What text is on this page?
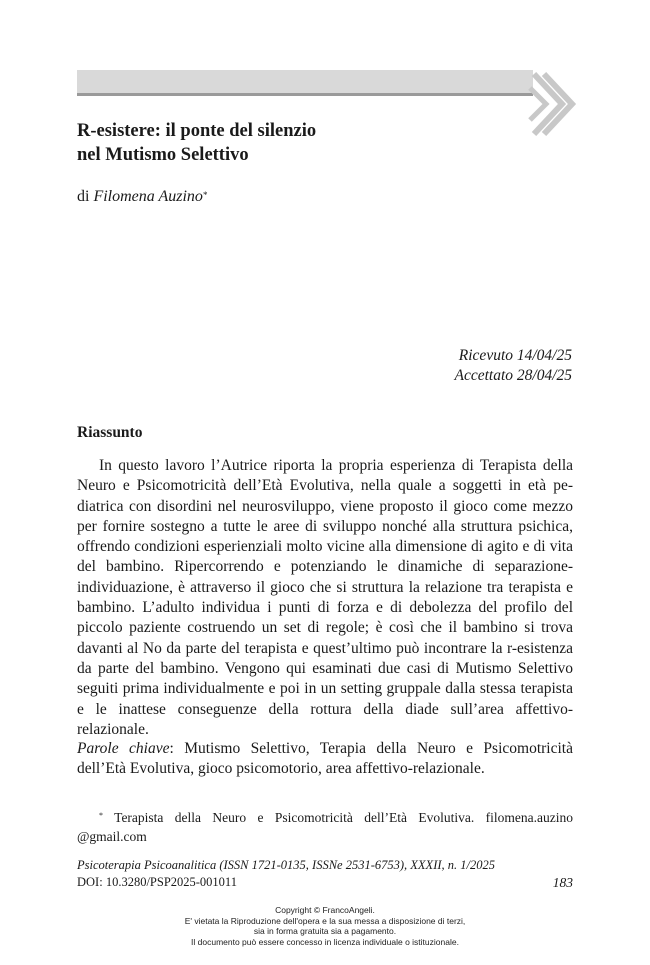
R-esistere: il ponte del silenzio
nel Mutismo Selettivo
di Filomena Auzino*
Ricevuto 14/04/25
Accettato 28/04/25
Riassunto

In questo lavoro l’Autrice riporta la propria esperienza di Terapista della Neuro e Psicomotricità dell’Età Evolutiva, nella quale a soggetti in età pediatrica con disordini nel neurosviluppo, viene proposto il gioco come mezzo per fornire sostegno a tutte le aree di sviluppo nonché alla struttura psichica, offrendo condizioni esperienziali molto vicine alla dimensione di agito e di vita del bambino. Ripercorrendo e potenziando le dinamiche di separazione-individuazione, è attraverso il gioco che si struttura la relazione tra terapista e bambino. L’adulto individua i punti di forza e di debolezza del profilo del piccolo paziente costruendo un set di regole; è così che il bambino si trova davanti al No da parte del terapista e quest’ultimo può incontrare la r-esistenza da parte del bambino. Vengono qui esaminati due casi di Mutismo Selettivo seguiti prima individualmente e poi in un setting gruppale dalla stessa terapista e le inattese conseguenze della rottura della diade sull’area affettivo-relazionale.

Parole chiave: Mutismo Selettivo, Terapia della Neuro e Psicomotricità dell’Età Evolutiva, gioco psicomotorio, area affettivo-relazionale.

* Terapista della Neuro e Psicomotricità dell’Età Evolutiva. filomena.auzino @gmail.com

Psicoterapia Psicoanalitica (ISSN 1721-0135, ISSNe 2531-6753), XXXII, n. 1/2025
DOI: 10.3280/PSP2025-001011	183
Copyright © FrancoAngeli.
E' vietata la Riproduzione dell'opera e la sua messa a disposizione di terzi,
sia in forma gratuita sia a pagamento.
Il documento può essere concesso in licenza individuale o istituzionale.
